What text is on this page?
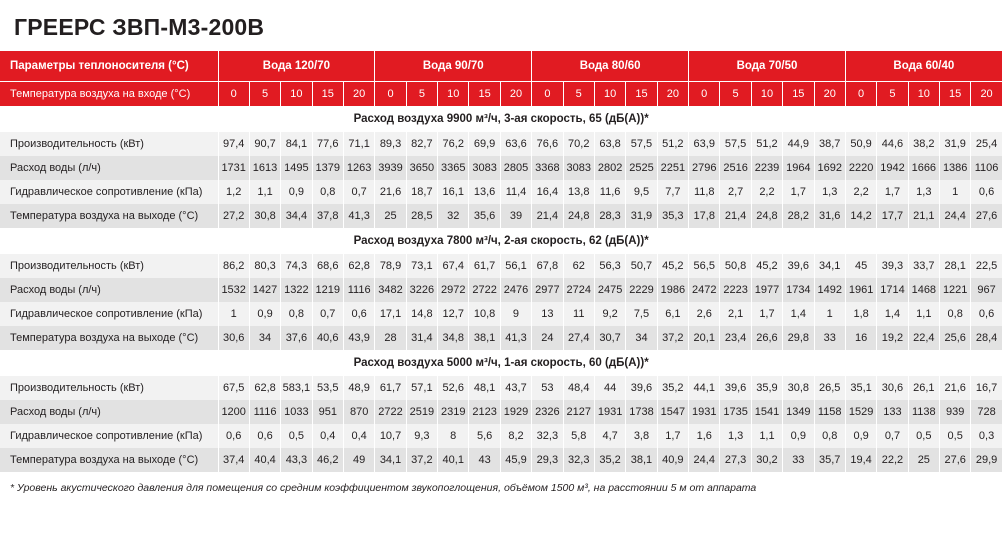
ГРЕЕРС ЗВП-М3-200В
Параметры теплоносителя (°C)	Вода 120/70					Вода 90/70					Вода 80/60					Вода 70/50					Вода 60/40				
Температура воздуха на входе (°C)	0	5	10	15	20	0	5	10	15	20	0	5	10	15	20	0	5	10	15	20	0	5	10	15	20
Расход воздуха 9900 м³/ч, 3-ая скорость, 65 (дБ(А))*																									
Производительность (кВт)	97,4	90,7	84,1	77,6	71,1	89,3	82,7	76,2	69,9	63,6	76,6	70,2	63,8	57,5	51,2	63,9	57,5	51,2	44,9	38,7	50,9	44,6	38,2	31,9	25,4
Расход воды (л/ч)	1731	1613	1495	1379	1263	3939	3650	3365	3083	2805	3368	3083	2802	2525	2251	2796	2516	2239	1964	1692	2220	1942	1666	1386	1106
Гидравлическое сопротивление (кПа)	1,2	1,1	0,9	0,8	0,7	21,6	18,7	16,1	13,6	11,4	16,4	13,8	11,6	9,5	7,7	11,8	2,7	2,2	1,7	1,3	2,2	1,7	1,3	1	0,6
Температура воздуха на выходе (°C)	27,2	30,8	34,4	37,8	41,3	25	28,5	32	35,6	39	21,4	24,8	28,3	31,9	35,3	17,8	21,4	24,8	28,2	31,6	14,2	17,7	21,1	24,4	27,6
Расход воздуха 7800 м³/ч, 2-ая скорость, 62 (дБ(А))*																									
Производительность (кВт)	86,2	80,3	74,3	68,6	62,8	78,9	73,1	67,4	61,7	56,1	67,8	62	56,3	50,7	45,2	56,5	50,8	45,2	39,6	34,1	45	39,3	33,7	28,1	22,5
Расход воды (л/ч)	1532	1427	1322	1219	1116	3482	3226	2972	2722	2476	2977	2724	2475	2229	1986	2472	2223	1977	1734	1492	1961	1714	1468	1221	967
Гидравлическое сопротивление (кПа)	1	0,9	0,8	0,7	0,6	17,1	14,8	12,7	10,8	9	13	11	9,2	7,5	6,1	2,6	2,1	1,7	1,4	1	1,8	1,4	1,1	0,8	0,6
Температура воздуха на выходе (°C)	30,6	34	37,6	40,6	43,9	28	31,4	34,8	38,1	41,3	24	27,4	30,7	34	37,2	20,1	23,4	26,6	29,8	33	16	19,2	22,4	25,6	28,4
Расход воздуха 5000 м³/ч, 1-ая скорость, 60 (дБ(А))*																									
Производительность (кВт)	67,5	62,8	583,1	53,5	48,9	61,7	57,1	52,6	48,1	43,7	53	48,4	44	39,6	35,2	44,1	39,6	35,9	30,8	26,5	35,1	30,6	26,1	21,6	16,7
Расход воды (л/ч)	1200	1116	1033	951	870	2722	2519	2319	2123	1929	2326	2127	1931	1738	1547	1931	1735	1541	1349	1158	1529	133	1138	939	728
Гидравлическое сопротивление (кПа)	0,6	0,6	0,5	0,4	0,4	10,7	9,3	8	5,6	8,2	32,3	5,8	4,7	3,8	1,7	1,6	1,3	1,1	0,9	0,8	0,9	0,7	0,5	0,5	0,3
Температура воздуха на выходе (°C)	37,4	40,4	43,3	46,2	49	34,1	37,2	40,1	43	45,9	29,3	32,3	35,2	38,1	40,9	24,4	27,3	30,2	33	35,7	19,4	22,2	25	27,6	29,9
* Уровень акустического давления для помещения со средним коэффициентом звукопоглощения, объёмом 1500 м³, на расстоянии 5 м от аппарата
